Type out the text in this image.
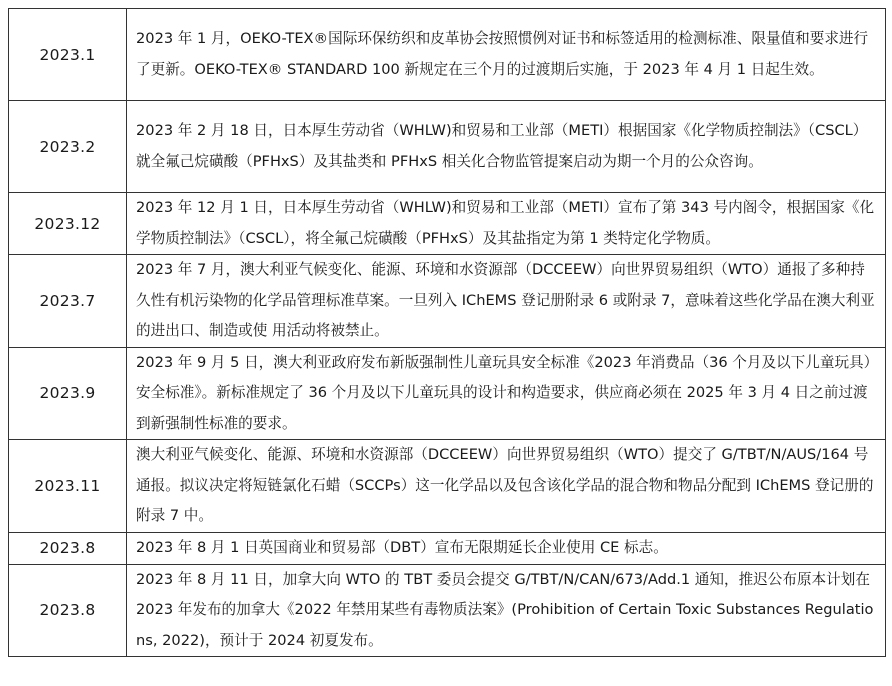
2023.1	2023 年 1 月，OEKO-TEX®国际环保纺织和皮革协会按照惯例对证书和标签适用的检测标准、限量值和要求进行了更新。OEKO-TEX® STANDARD 100 新规定在三个月的过渡期后实施，于 2023 年 4 月 1 日起生效。
2023.2	2023 年 2 月 18 日，日本厚生劳动省（WHLW)和贸易和工业部（METI）根据国家《化学物质控制法》（CSCL）就全氟己烷磺酸（PFHxS）及其盐类和 PFHxS 相关化合物监管提案启动为期一个月的公众咨询。
2023.12	2023 年 12 月 1 日，日本厚生劳动省（WHLW)和贸易和工业部（METI）宣布了第 343 号内阁令，根据国家《化学物质控制法》（CSCL），将全氟己烷磺酸（PFHxS）及其盐指定为第 1 类特定化学物质。
2023.7	2023 年 7 月，澳大利亚气候变化、能源、环境和水资源部（DCCEEW）向世界贸易组织（WTO）通报了多种持久性有机污染物的化学品管理标准草案。一旦列入 IChEMS 登记册附录 6 或附录 7，意味着这些化学品在澳大利亚的进出口、制造或使 用活动将被禁止。
2023.9	2023 年 9 月 5 日，澳大利亚政府发布新版强制性儿童玩具安全标准《2023 年消费品（36 个月及以下儿童玩具）安全标准》。新标准规定了 36 个月及以下儿童玩具的设计和构造要求，供应商必须在 2025 年 3 月 4 日之前过渡到新强制性标准的要求。
2023.11	澳大利亚气候变化、能源、环境和水资源部（DCCEEW）向世界贸易组织（WTO）提交了 G/TBT/N/AUS/164 号通报。拟议决定将短链氯化石蜡（SCCPs）这一化学品以及包含该化学品的混合物和物品分配到 IChEMS 登记册的附录 7 中。
2023.8	2023 年 8 月 1 日英国商业和贸易部（DBT）宣布无限期延长企业使用 CE 标志。
2023.8	2023 年 8 月 11 日，加拿大向 WTO 的 TBT 委员会提交 G/TBT/N/CAN/673/Add.1 通知，推迟公布原本计划在 2023 年发布的加拿大《2022 年禁用某些有毒物质法案》(Prohibition of Certain Toxic Substances Regulations, 2022)，预计于 2024 初夏发布。
